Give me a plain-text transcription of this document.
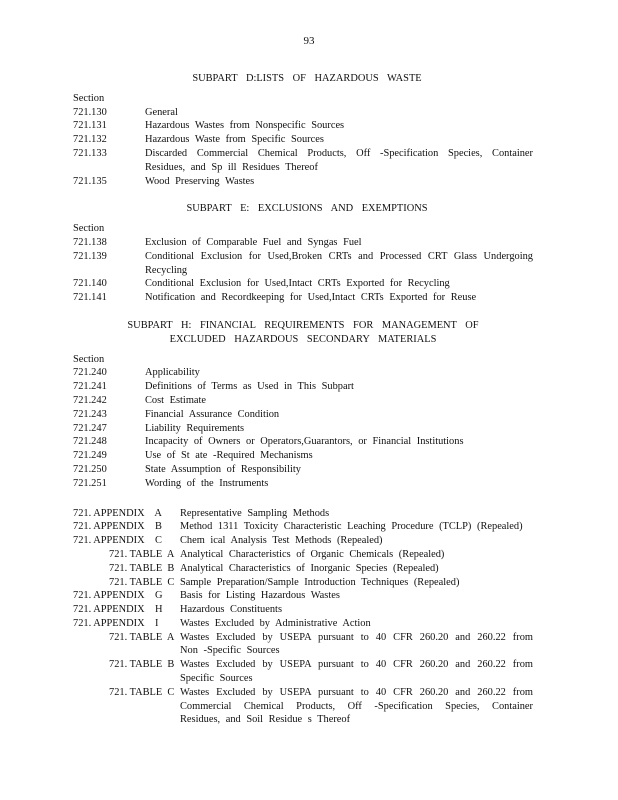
93
SUBPART D:LISTS OF HAZARDOUS WASTE
Section
721.130	General
721.131	Hazardous Wastes from Nonspecific Sources
721.132	Hazardous Waste from Specific Sources
721.133	Discarded Commercial Chemical Products, Off -Specification Species, Container Residues, and Sp ill Residues Thereof
721.135	Wood Preserving Wastes
SUBPART E: EXCLUSIONS AND EXEMPTIONS
Section
721.138	Exclusion of Comparable Fuel and Syngas Fuel
721.139	Conditional Exclusion for Used,Broken CRTs and Processed CRT Glass Undergoing Recycling
721.140	Conditional Exclusion for Used,Intact CRTs Exported for Recycling
721.141	Notification and Recordkeeping for Used,Intact CRTs Exported for Reuse
SUBPART H: FINANCIAL REQUIREMENTS FOR MANAGEMENT OF EXCLUDED HAZARDOUS SECONDARY MATERIALS
Section
721.240	Applicability
721.241	Definitions of Terms as Used in This Subpart
721.242	Cost Estimate
721.243	Financial Assurance Condition
721.247	Liability Requirements
721.248	Incapacity of Owners or Operators,Guarantors, or Financial Institutions
721.249	Use of St ate -Required Mechanisms
721.250	State Assumption of Responsibility
721.251	Wording of the Instruments
721. APPENDIX    A Representative Sampling Methods
721. APPENDIX    B Method 1311 Toxicity Characteristic Leaching Procedure (TCLP) (Repealed)
721. APPENDIX    C Chem ical Analysis Test Methods (Repealed)
721. TABLE  A Analytical Characteristics of Organic Chemicals (Repealed)
721. TABLE  B Analytical Characteristics of Inorganic Species (Repealed)
721. TABLE  C Sample Preparation/Sample Introduction Techniques (Repealed)
721. APPENDIX    G Basis for Listing Hazardous Wastes
721. APPENDIX    H Hazardous Constituents
721. APPENDIX    I Wastes Excluded by Administrative Action
721. TABLE  A Wastes Excluded by USEPA pursuant to 40 CFR 260.20 and 260.22 from Non -Specific Sources
721. TABLE  B Wastes Excluded by USEPA pursuant to 40 CFR 260.20 and 260.22 from Specific Sources
721. TABLE  C Wastes Excluded by USEPA pursuant to 40 CFR 260.20 and 260.22 from Commercial Chemical Products, Off -Specification Species, Container Residues, and Soil Residue s Thereof
